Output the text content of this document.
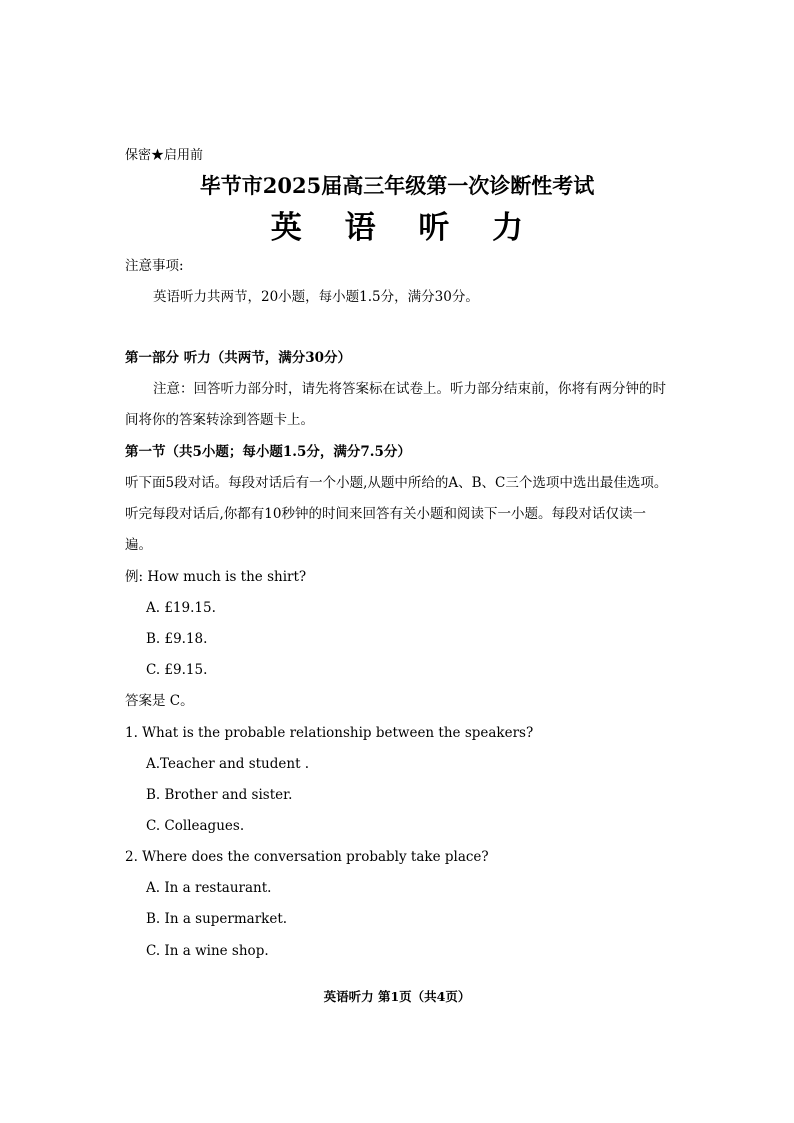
保密★启用前
毕节市2025届高三年级第一次诊断性考试
英 语 听 力
注意事项:
英语听力共两节，20小题，每小题1.5分，满分30分。
第一部分 听力（共两节，满分30分）
注意：回答听力部分时，请先将答案标在试卷上。听力部分结束前，你将有两分钟的时间将你的答案转涂到答题卡上。
第一节（共5小题；每小题1.5分，满分7.5分）
听下面5段对话。每段对话后有一个小题,从题中所给的A、B、C三个选项中选出最佳选项。听完每段对话后,你都有10秒钟的时间来回答有关小题和阅读下一小题。每段对话仅读一遍。
例: How much is the shirt?
A. £19.15.
B. £9.18.
C. £9.15.
答案是 C。
1. What is the probable relationship between the speakers?
A.Teacher and student .
B. Brother and sister.
C. Colleagues.
2. Where does the conversation probably take place?
A. In a restaurant.
B. In a supermarket.
C. In a wine shop.
英语听力 第1页（共4页）
